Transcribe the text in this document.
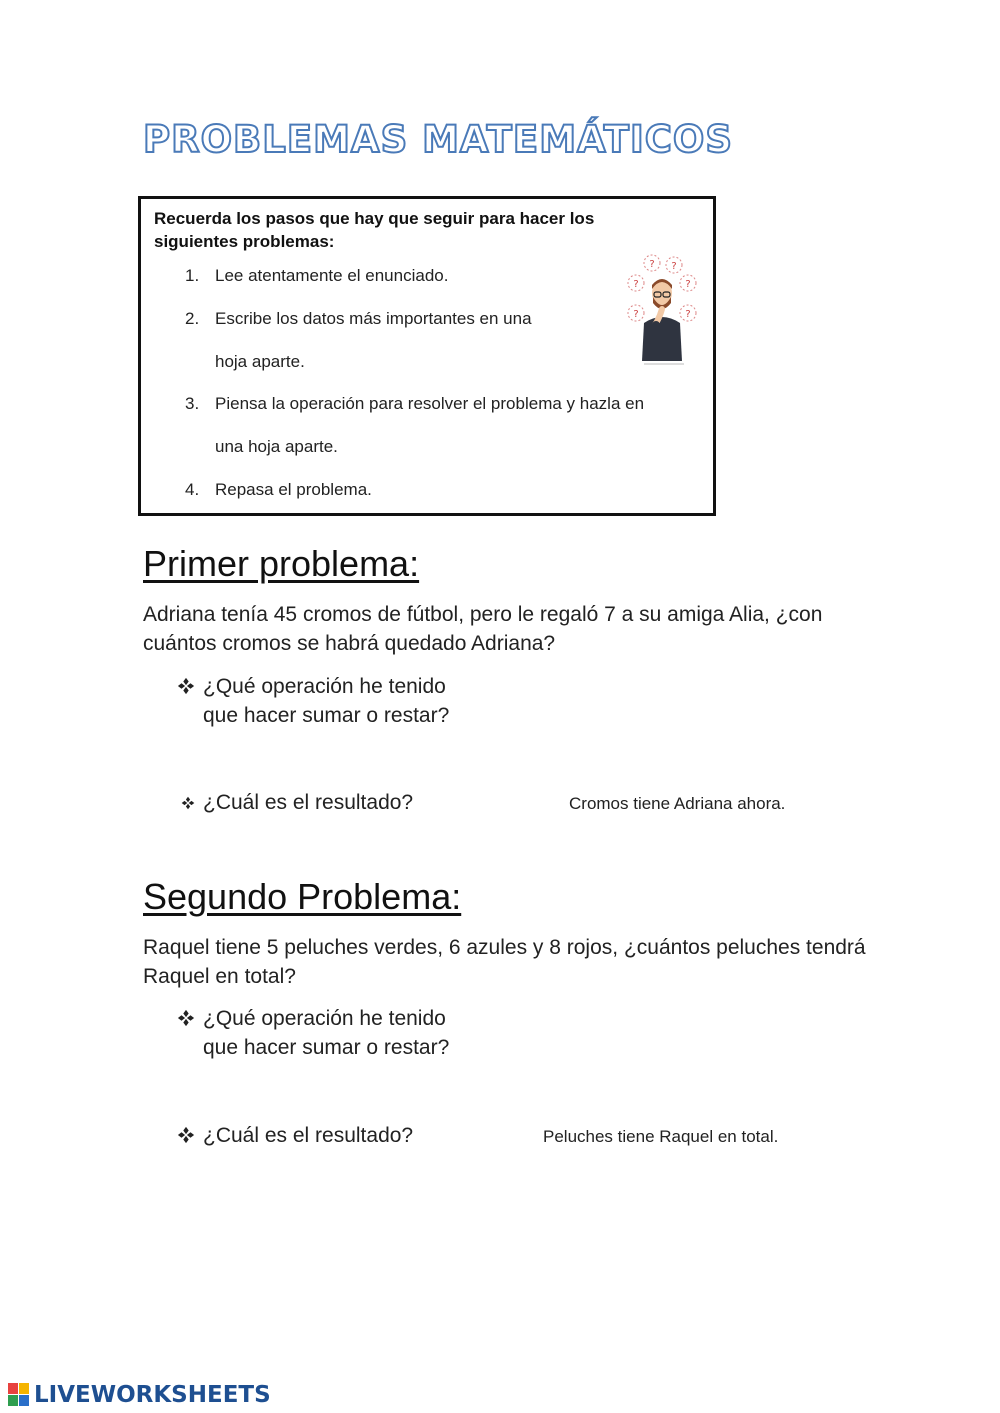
PROBLEMAS MATEMÁTICOS
Recuerda los pasos que hay que seguir para hacer los siguientes problemas:
1. Lee atentamente el enunciado.
2. Escribe los datos más importantes en una
hoja aparte.
3. Piensa la operación para resolver el problema y hazla en
una hoja aparte.
4. Repasa el problema.
? ?
?	?
?	?
Primer problema:

Adriana tenía 45 cromos de fútbol, pero le regaló 7 a su amiga Alia, ¿con cuántos cromos se habrá quedado Adriana?

¿Qué operación he tenido
que hacer sumar o restar?
¿Cuál es el resultado?	Cromos tiene Adriana ahora.
Segundo Problema:

Raquel tiene 5 peluches verdes, 6 azules y 8 rojos, ¿cuántos peluches tendrá Raquel en total?

¿Qué operación he tenido
que hacer sumar o restar?
¿Cuál es el resultado?	Peluches tiene Raquel en total.
LIVEWORKSHEETS
